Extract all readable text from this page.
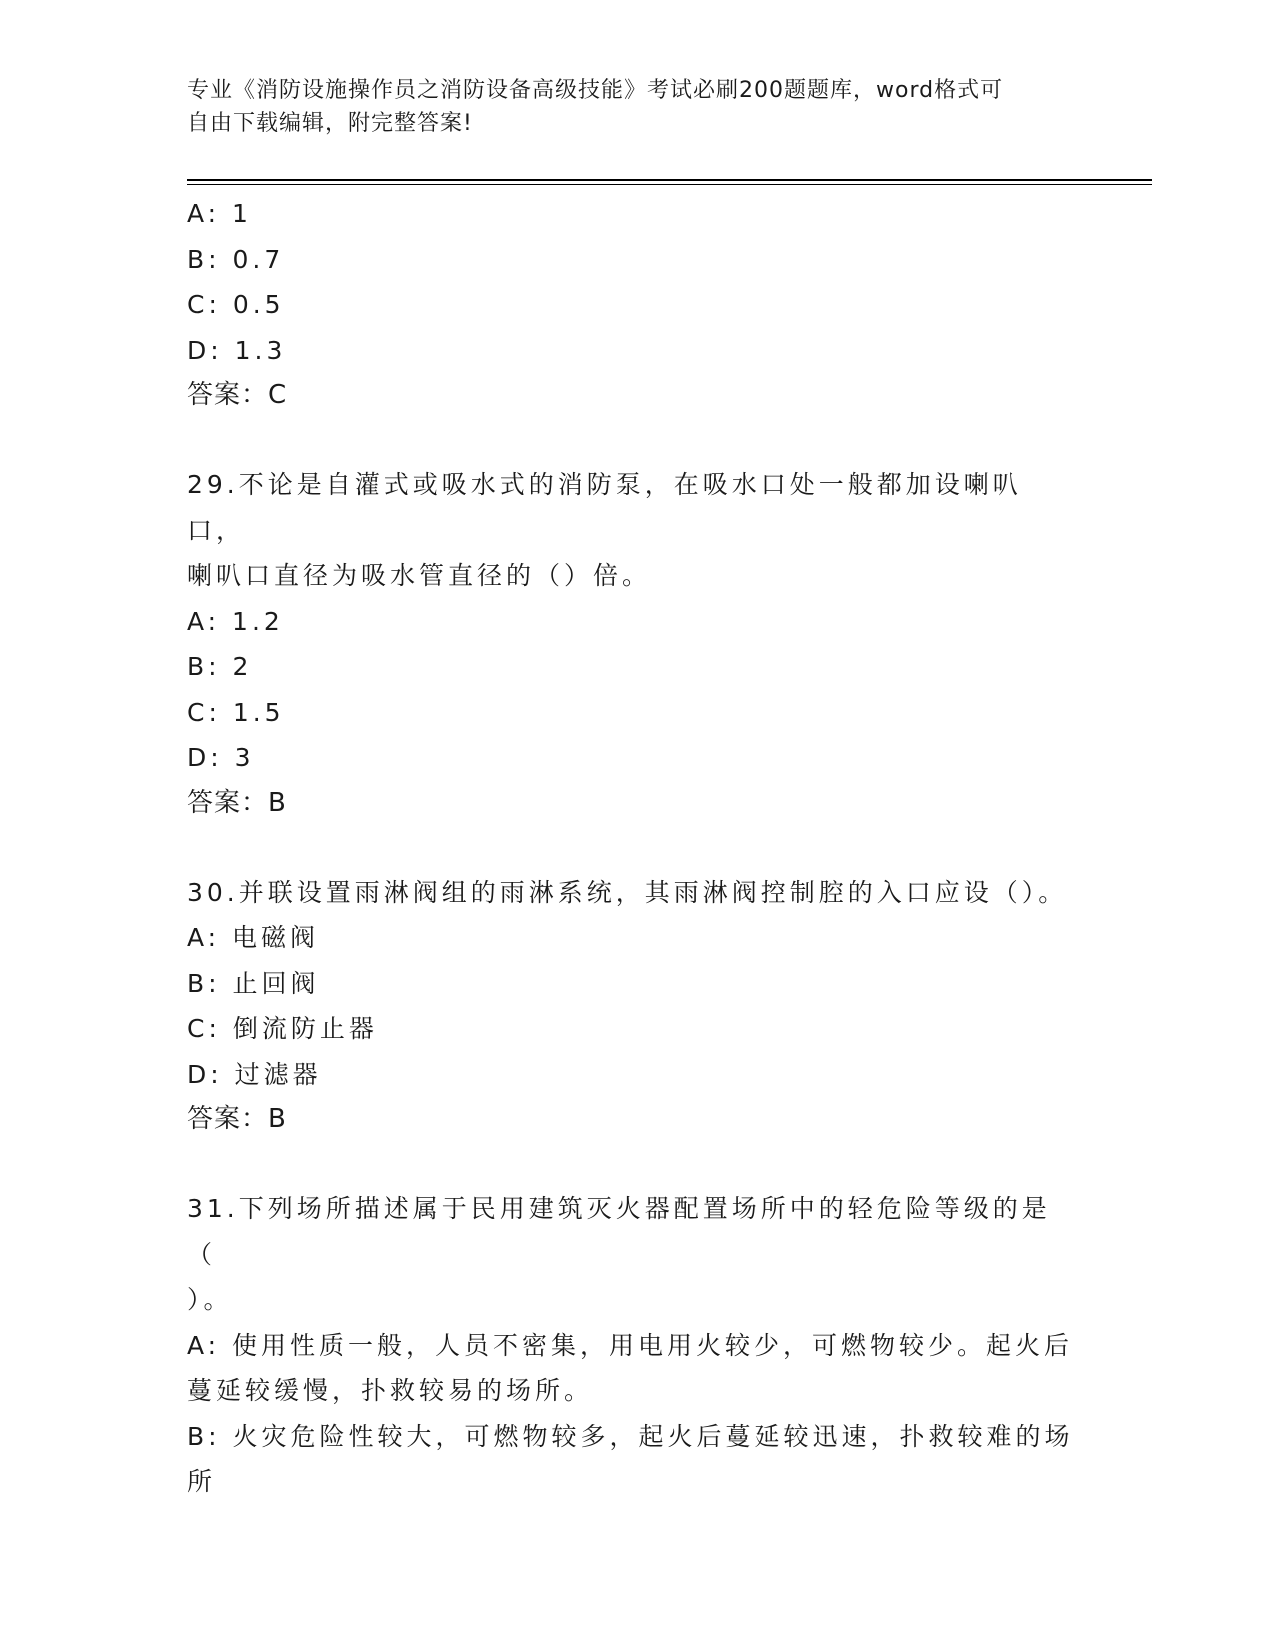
专业《消防设施操作员之消防设备高级技能》考试必刷200题题库，word格式可
自由下载编辑，附完整答案!
A: 1
B: 0.7
C: 0.5
D: 1.3
答案：C
29.不论是自灌式或吸水式的消防泵，在吸水口处一般都加设喇叭口，
喇叭口直径为吸水管直径的（）倍。
A: 1.2
B: 2
C: 1.5
D: 3
答案：B
30.并联设置雨淋阀组的雨淋系统，其雨淋阀控制腔的入口应设（）。
A: 电磁阀
B: 止回阀
C: 倒流防止器
D: 过滤器
答案：B
31.下列场所描述属于民用建筑灭火器配置场所中的轻危险等级的是（
）。
A: 使用性质一般，人员不密集，用电用火较少，可燃物较少。起火后
蔓延较缓慢，扑救较易的场所。
B: 火灾危险性较大，可燃物较多，起火后蔓延较迅速，扑救较难的场
所
